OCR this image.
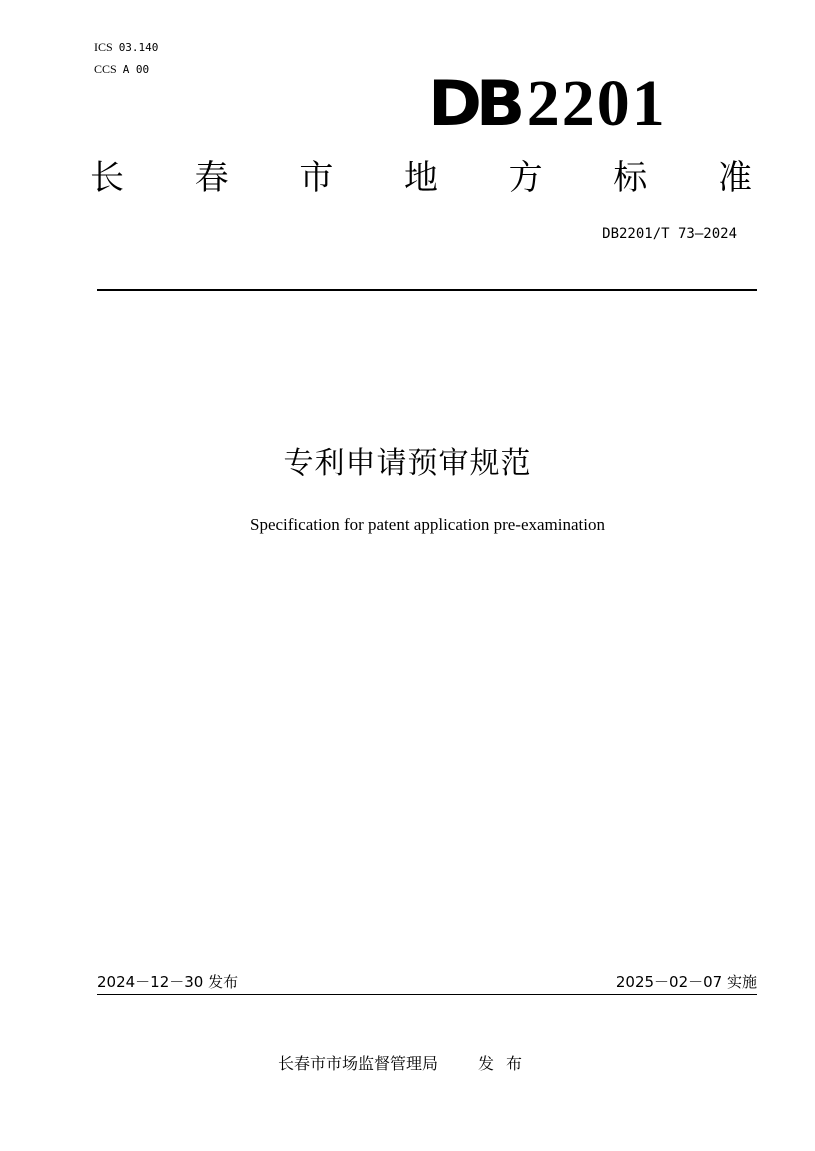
ICS 03.140
CCS A 00	DB 2201
长 春 市 地 方 标 准
DB2201/T 73—2024
专利申请预审规范
Specification for patent application pre-examination
2024－12－30 发布	2025－02－07 实施
长春市市场监督管理局	发布
